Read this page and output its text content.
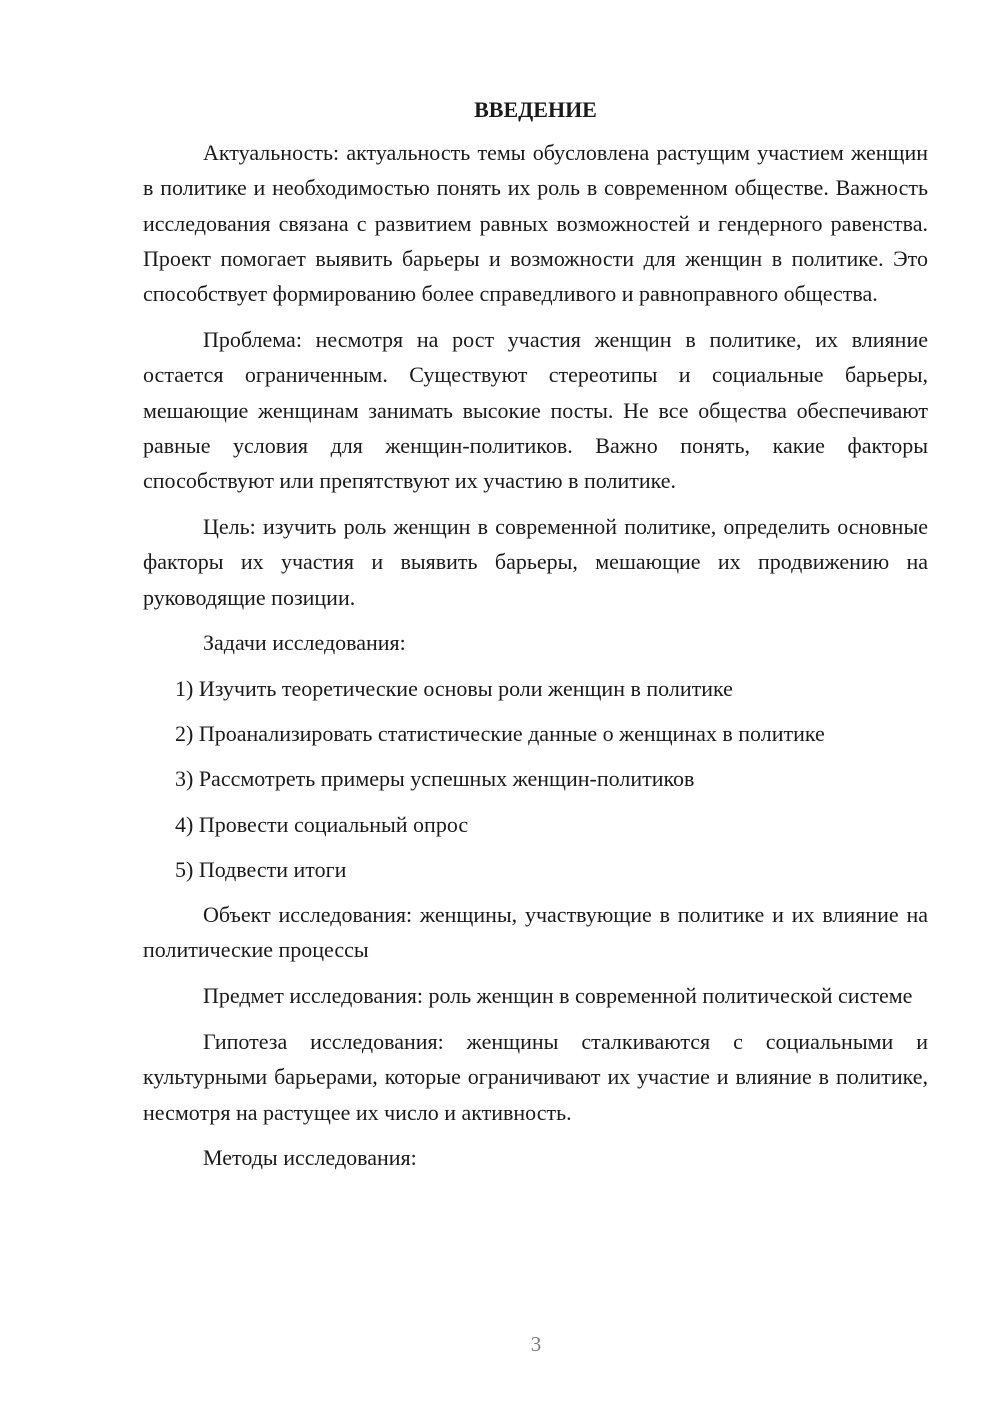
ВВЕДЕНИЕ

Актуальность: актуальность темы обусловлена растущим участием женщин в политике и необходимостью понять их роль в современном обществе. Важность исследования связана с развитием равных возможностей и гендерного равенства. Проект помогает выявить барьеры и возможности для женщин в политике. Это способствует формированию более справедливого и равноправного общества.

Проблема: несмотря на рост участия женщин в политике, их влияние остается ограниченным. Существуют стереотипы и социальные барьеры, мешающие женщинам занимать высокие посты. Не все общества обеспечивают равные условия для женщин-политиков. Важно понять, какие факторы способствуют или препятствуют их участию в политике.

Цель: изучить роль женщин в современной политике, определить основные факторы их участия и выявить барьеры, мешающие их продвижению на руководящие позиции.

Задачи исследования:
1) Изучить теоретические основы роли женщин в политике
2) Проанализировать статистические данные о женщинах в политике
3) Рассмотреть примеры успешных женщин-политиков
4) Провести социальный опрос
5) Подвести итоги

Объект исследования: женщины, участвующие в политике и их влияние на политические процессы

Предмет исследования: роль женщин в современной политической системе

Гипотеза исследования: женщины сталкиваются с социальными и культурными барьерами, которые ограничивают их участие и влияние в политике, несмотря на растущее их число и активность.

Методы исследования:

3
